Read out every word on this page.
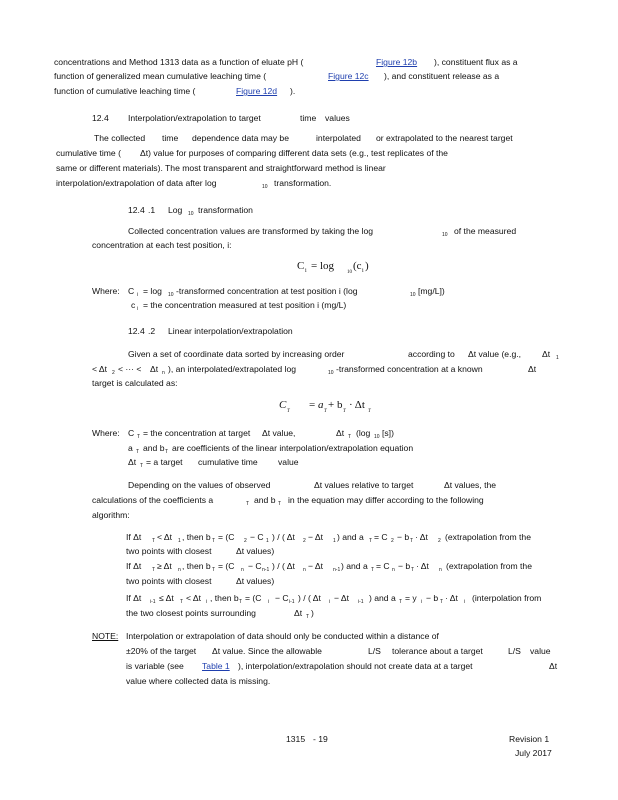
concentrations and Method 1313 data as a function of eluate pH (	Figure 12b ), constituent flux as a
function of generalized mean cumulative leaching time (	Figure 12c ), and constituent release as a
function of cumulative leaching time (	Figure 12d ).
12.4 Interpolation/extrapolation to target	time values
The collected time dependence data may be	interpolated or extrapolated to the nearest target
cumulative time ( Δt) value for purposes of comparing different data sets (e.g., test replicates of the
same or different materials). The most transparent and straightforward method is linear
interpolation/extrapolation of data after log	10 transformation.
12.4 .1 Log 10 transformation
Collected concentration values are transformed by taking the log	10 of the measured
concentration at each test position, i:
C i = log
10
(c i )
Where: C i = log 10 -transformed concentration at test position i (log	10 [mg/L])
c i = the concentration measured at test position i (mg/L)
12.4 .2 Linear interpolation/extrapolation
Given a set of coordinate data sorted by increasing order	according to Δt value (e.g., Δt 1
< Δt 2 < ··· < Δt n ), an interpolated/extrapolated log	10 -transformed concentration at a known	Δt
target is calculated as:
C
T
= a
T
+ b
T
· Δt
T
Where: C T = the concentration at target Δt value,	Δt T (log 10 [s])
a T and b T are coefficients of the linear interpolation/extrapolation equation
Δt T = a target cumulative time value
Depending on the values of observed	Δt values relative to target	Δt values, the
calculations of the coefficients a	T and b T in the equation may differ according to the following
algorithm:
If Δt T < Δt 1 , then b T = (C 2 − C 1 ) / ( Δt 2 − Δt 1 ) and a T = C 2 − b T · Δt 2 (extrapolation from the
two points with closest	Δt values)
If Δt T ≥ Δt n , then b T = (C n − C n-1 ) / ( Δt n − Δt n-1 ) and a T = C n − b T · Δt n (extrapolation from the
two points with closest	Δt values)
If Δt i-1 ≤ Δt T < Δt i , then b T = (C i − C i-1 ) / ( Δt i − Δt i-1 ) and a T = y i − b T · Δt i (interpolation from
the two closest points surrounding	Δt T )
NOTE: Interpolation or extrapolation of data should only be conducted within a distance of
±20% of the target Δt value. Since the allowable	L/S tolerance about a target	L/S value
is variable (see Table 1 ), interpolation/extrapolation should not create data at a target	Δt
value where collected data is missing.
1315 - 19	Revision 1
July 2017
